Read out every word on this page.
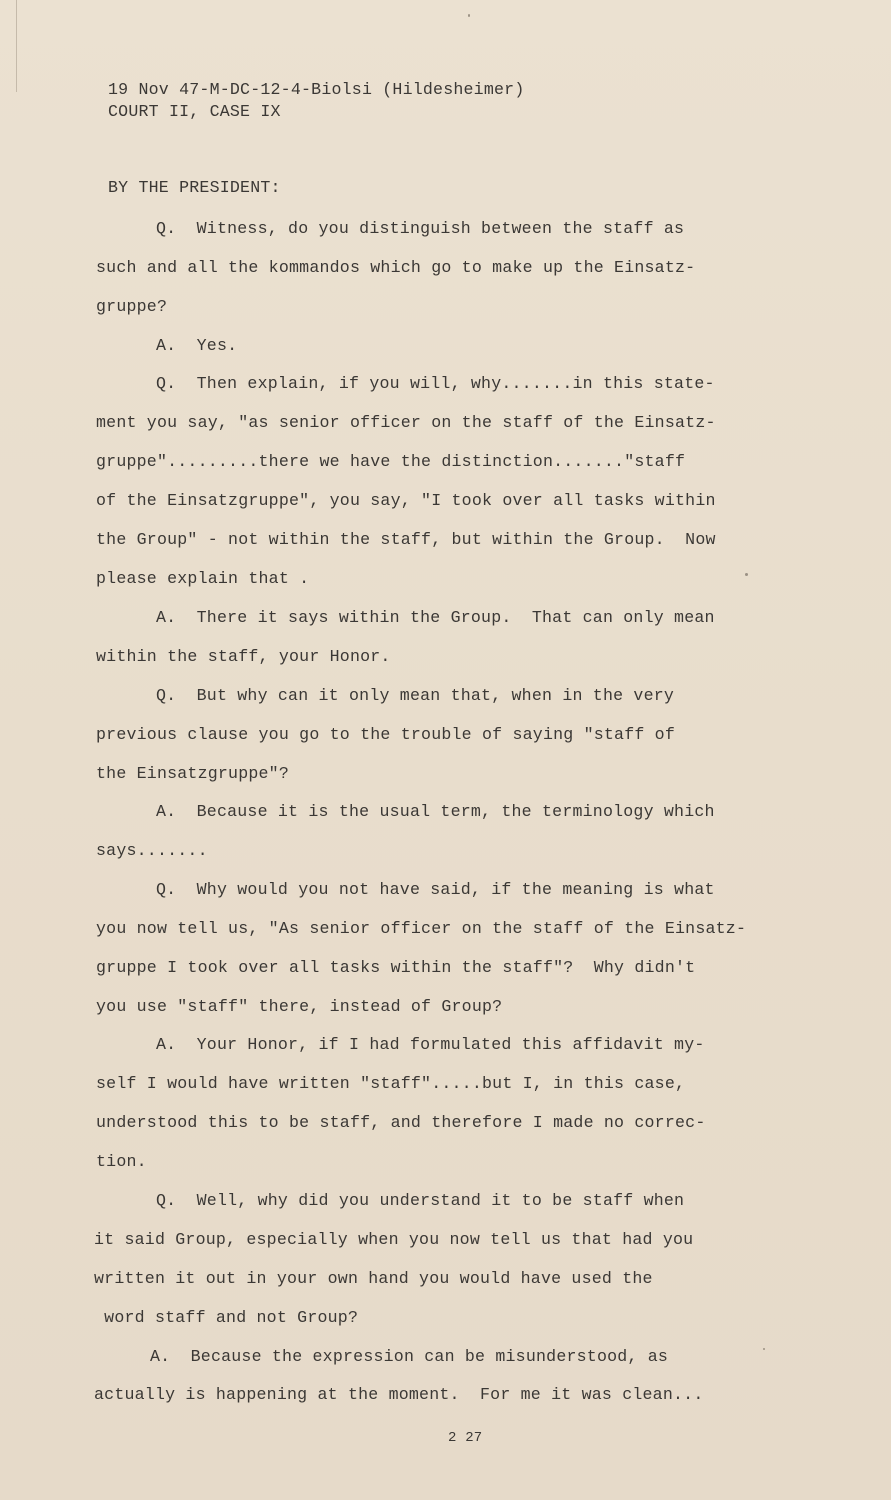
19 Nov 47-M-DC-12-4-Biolsi (Hildesheimer)
COURT II, CASE IX
BY THE PRESIDENT:
Q.  Witness, do you distinguish between the staff as
such and all the kommandos which go to make up the Einsatz-
gruppe?
A.  Yes.
Q.  Then explain, if you will, why.......in this state-
ment you say, "as senior officer on the staff of the Einsatz-
gruppe".........there we have the distinction......."staff
of the Einsatzgruppe", you say, "I took over all tasks within
the Group" - not within the staff, but within the Group.  Now
please explain that .
A.  There it says within the Group.  That can only mean
within the staff, your Honor.
Q.  But why can it only mean that, when in the very
previous clause you go to the trouble of saying "staff of
the Einsatzgruppe"?
A.  Because it is the usual term, the terminology which
says.......
Q.  Why would you not have said, if the meaning is what
you now tell us, "As senior officer on the staff of the Einsatz-
gruppe I took over all tasks within the staff"?  Why didn't
you use "staff" there, instead of Group?
A.  Your Honor, if I had formulated this affidavit my-
self I would have written "staff".....but I, in this case,
understood this to be staff, and therefore I made no correc-
tion.
Q.  Well, why did you understand it to be staff when
it said Group, especially when you now tell us that had you
written it out in your own hand you would have used the
word staff and not Group?
A.  Because the expression can be misunderstood, as
actually is happening at the moment.  For me it was clean...
2 27
